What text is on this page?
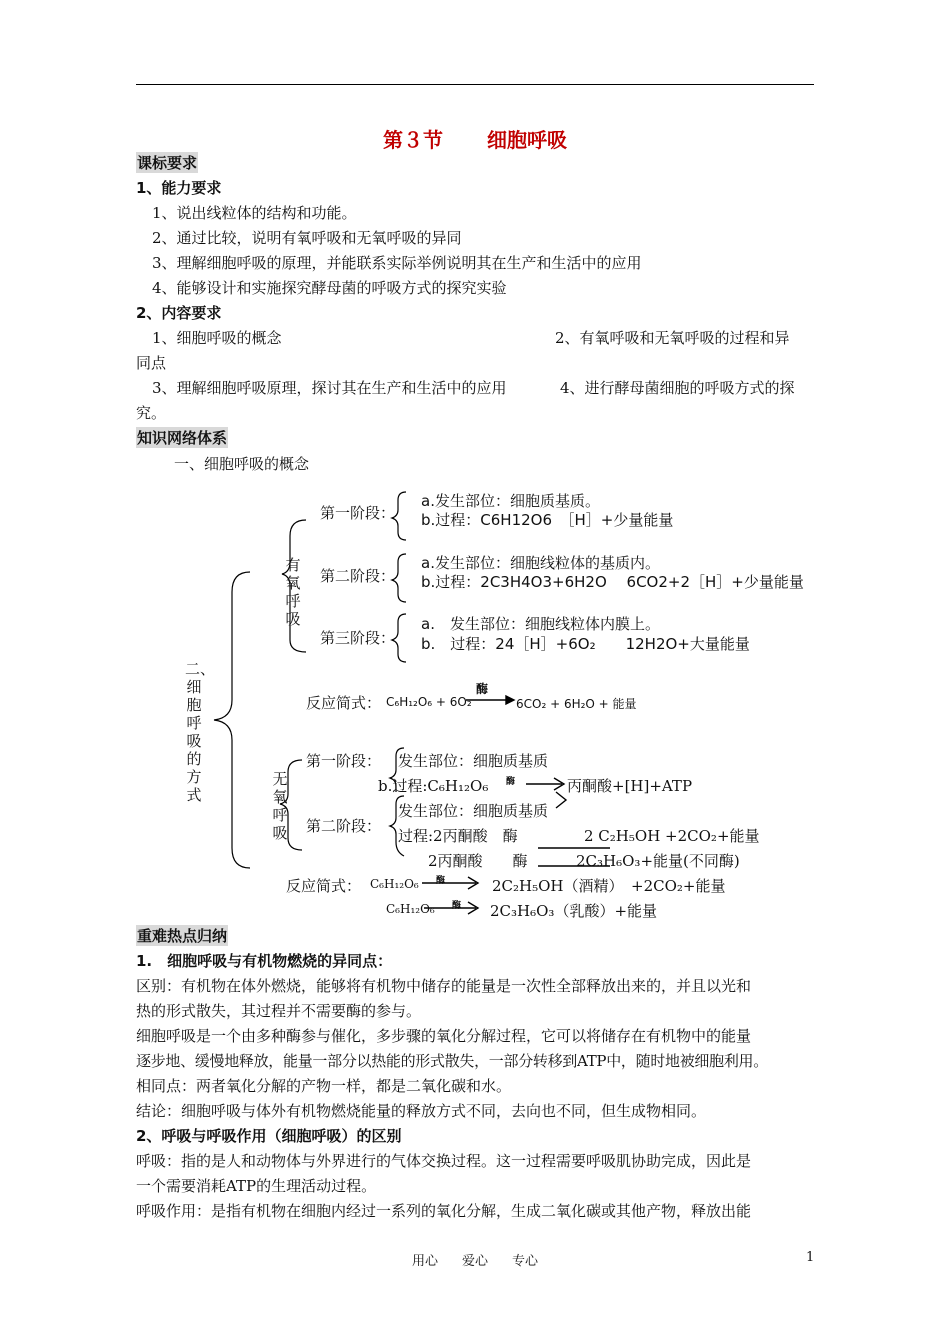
第３节 细胞呼吸
课标要求
1、能力要求
1、说出线粒体的结构和功能。
2、通过比较，说明有氧呼吸和无氧呼吸的异同
3、理解细胞呼吸的原理，并能联系实际举例说明其在生产和生活中的应用
4、能够设计和实施探究酵母菌的呼吸方式的探究实验
2、内容要求
1、细胞呼吸的概念	2、有氧呼吸和无氧呼吸的过程和异
同点
3、理解细胞呼吸原理，探讨其在生产和生活中的应用	4、进行酵母菌细胞的呼吸方式的探
究。
知识网络体系
一、细胞呼吸的概念
二、细胞呼吸的方式
有氧呼吸
第一阶段：
a.发生部位：细胞质基质。
b.过程：C6H12O6　［H］+少量能量
第二阶段：
a.发生部位：细胞线粒体的基质内。
b.过程：2C3H4O3+6H2O　 6CO2+2［H］+少量能量
第三阶段：
a.　发生部位：细胞线粒体内膜上。
b.　过程：24［H］+6O₂　　12H2O+大量能量
反应简式： C₆H₁₂O₆ + 6O₂
酶
6CO₂ + 6H₂O + 能量
无氧呼吸
第一阶段： 发生部位：细胞质基质
b.过程:C₆H₁₂O₆ 酶	丙酮酸+[H]+ATP
第二阶段：
发生部位：细胞质基质
过程:2丙酮酸　酶	2 C₂H₅OH +2CO₂+能量
2丙酮酸　　酶	2C₃H₆O₃+能量(不同酶)
反应简式： C₆H₁₂O₆ 酶	2C₂H₅OH（酒精）　+2CO₂+能量
C₆H₁₂O₆ 酶 2C₃H₆O₃（乳酸）+能量
重难热点归纳
1.　细胞呼吸与有机物燃烧的异同点：
区别：有机物在体外燃烧，能够将有机物中储存的能量是一次性全部释放出来的，并且以光和
热的形式散失，其过程并不需要酶的参与。
细胞呼吸是一个由多种酶参与催化，多步骤的氧化分解过程，它可以将储存在有机物中的能量
逐步地、缓慢地释放，能量一部分以热能的形式散失，一部分转移到ATP中，随时地被细胞利用。
相同点：两者氧化分解的产物一样，都是二氧化碳和水。
结论：细胞呼吸与体外有机物燃烧能量的释放方式不同，去向也不同，但生成物相同。
2、呼吸与呼吸作用（细胞呼吸）的区别
呼吸：指的是人和动物体与外界进行的气体交换过程。这一过程需要呼吸肌协助完成，因此是
一个需要消耗ATP的生理活动过程。
呼吸作用：是指有机物在细胞内经过一系列的氧化分解，生成二氧化碳或其他产物，释放出能
用心 爱心 专心	1
